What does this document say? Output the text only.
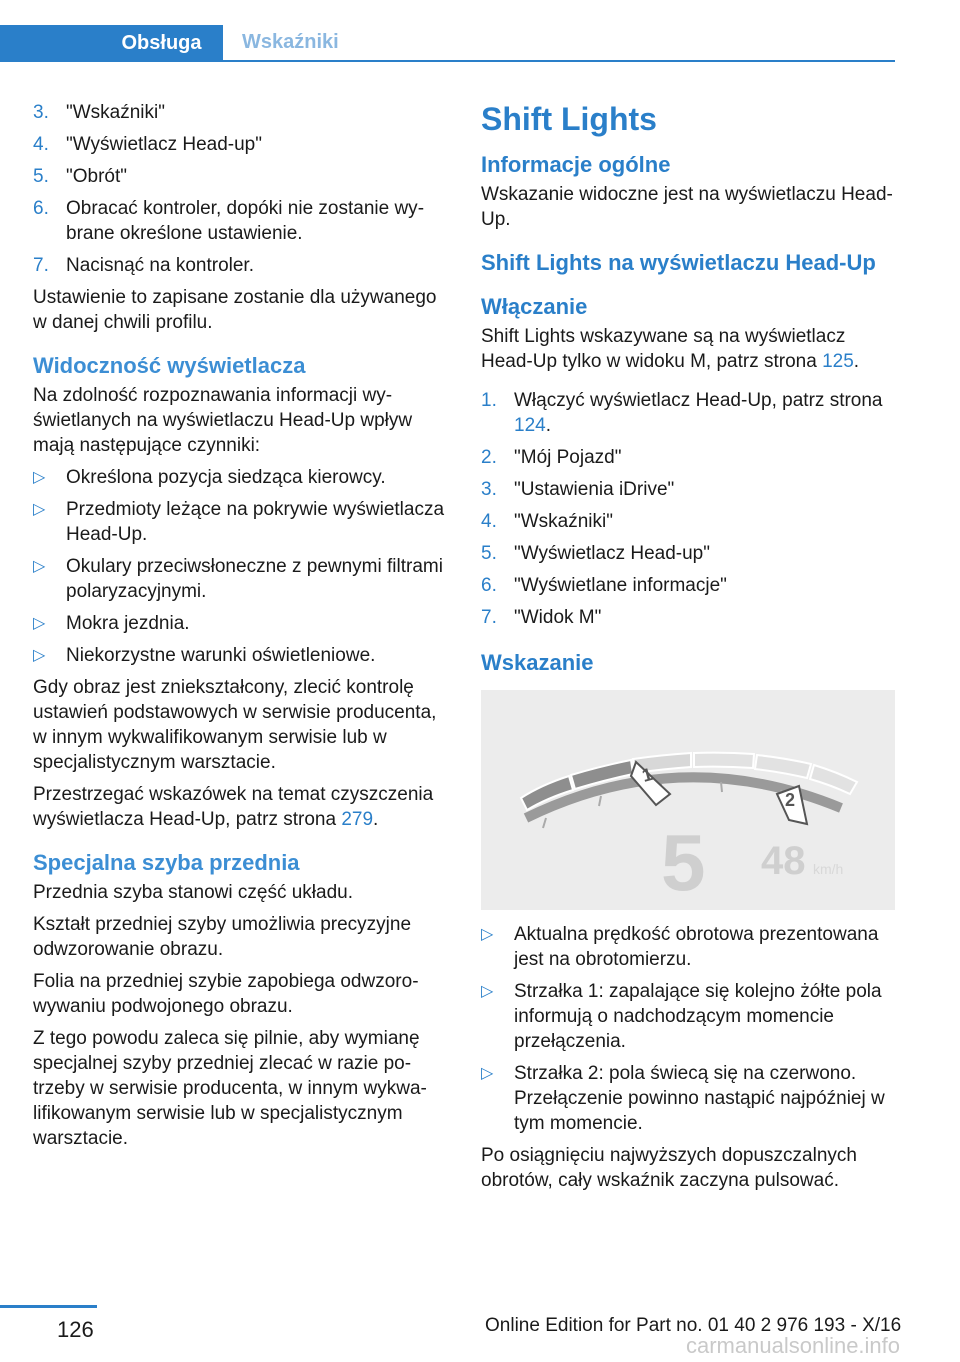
Obsługa Wskaźniki
3. "Wskaźniki"
4. "Wyświetlacz Head-up"
5. "Obrót"
6. Obracać kontroler, dopóki nie zostanie wybrane określone ustawienie.
7. Nacisnąć na kontroler.

Ustawienie to zapisane zostanie dla używanego w danej chwili profilu.

Widoczność wyświetlacza

Na zdolność rozpoznawania informacji wyświetlanych na wyświetlaczu Head-Up wpływ mają następujące czynniki:

▷	Określona pozycja siedząca kierowcy.
▷	Przedmioty leżące na pokrywie wyświetlacza Head-Up.
▷	Okulary przeciwsłoneczne z pewnymi filtrami polaryzacyjnymi.
▷	Mokra jezdnia.
▷	Niekorzystne warunki oświetleniowe.

Gdy obraz jest zniekształcony, zlecić kontrolę ustawień podstawowych w serwisie producenta, w innym wykwalifikowanym serwisie lub w specjalistycznym warsztacie.

Przestrzegać wskazówek na temat czyszczenia wyświetlacza Head-Up, patrz strona 279.

Specjalna szyba przednia

Przednia szyba stanowi część układu.

Kształt przedniej szyby umożliwia precyzyjne odwzorowanie obrazu.

Folia na przedniej szybie zapobiega odwzorowywaniu podwojonego obrazu.

Z tego powodu zaleca się pilnie, aby wymianę specjalnej szyby przedniej zlecać w razie potrzeby w serwisie producenta, w innym wykwalifikowanym serwisie lub w specjalistycznym warsztacie.

Shift Lights
Informacje ogólne

Wskazanie widoczne jest na wyświetlaczu Head-Up.

Shift Lights na wyświetlaczu Head-Up
Włączanie

Shift Lights wskazywane są na wyświetlacz Head-Up tylko w widoku M, patrz strona 125.

1. Włączyć wyświetlacz Head-Up, patrz strona 124.
2. "Mój Pojazd"
3. "Ustawienia iDrive"
4. "Wskaźniki"
5. "Wyświetlacz Head-up"
6. "Wyświetlane informacje"
7. "Widok M"
Wskazanie
1
2
5 48 km/h
▷	Aktualna prędkość obrotowa prezentowana jest na obrotomierzu.
▷	Strzałka 1: zapalające się kolejno żółte pola informują o nadchodzącym momencie przełączenia.
▷	Strzałka 2: pola świecą się na czerwono. Przełączenie powinno nastąpić najpóźniej w tym momencie.

Po osiągnięciu najwyższych dopuszczalnych obrotów, cały wskaźnik zaczyna pulsować.

126	Online Edition for Part no. 01 40 2 976 193 - X/16
carmanualsonline.info
